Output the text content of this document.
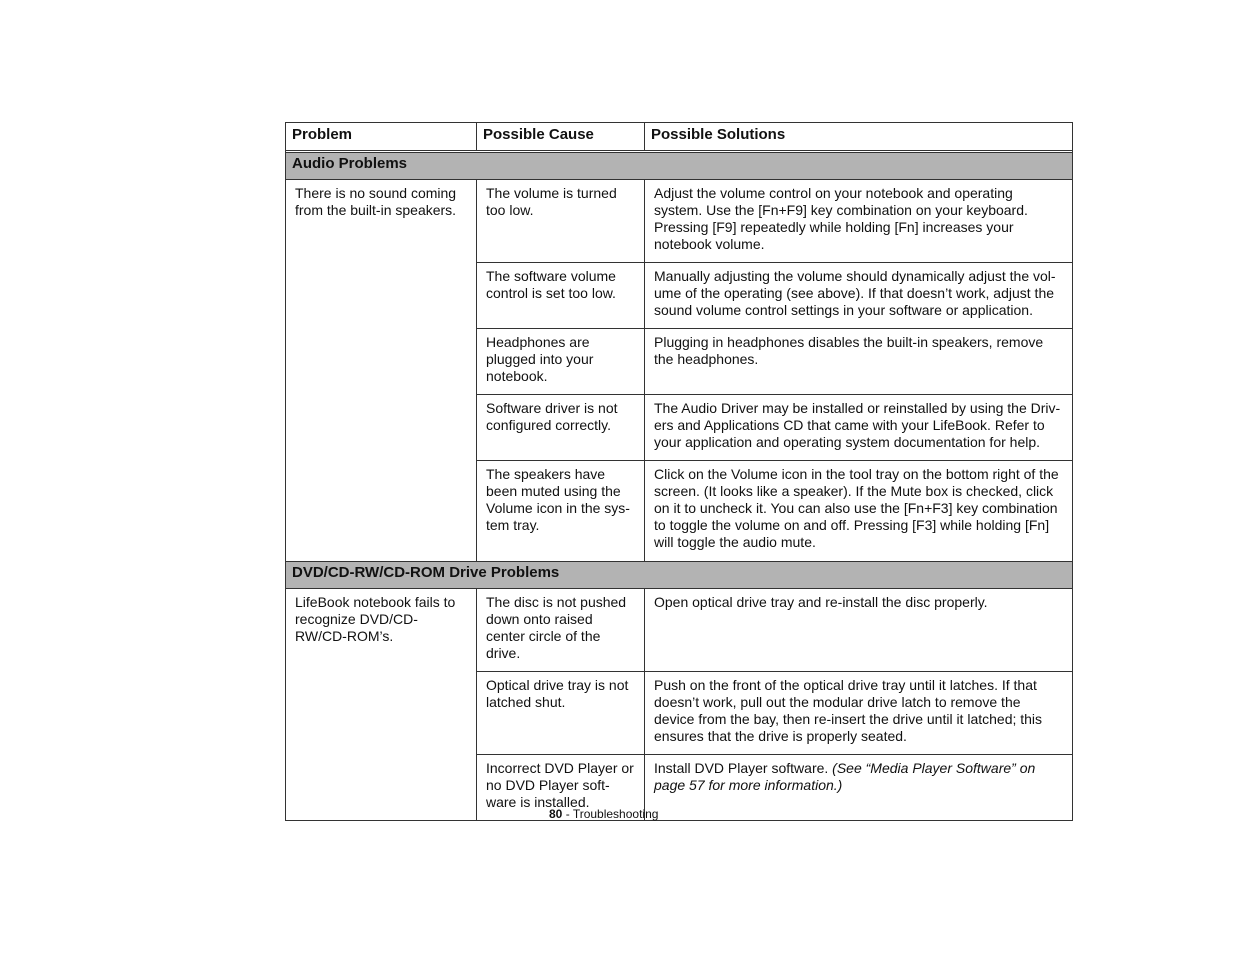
Problem	Possible Cause	Possible Solutions

Audio Problems		
There is no sound coming from the built-in speakers.	The volume is turned too low.	Adjust the volume control on your notebook and operating system. Use the [Fn+F9] key combination on your keyboard. Pressing [F9] repeatedly while holding [Fn] increases your notebook volume.
	The software volume control is set too low.	Manually adjusting the volume should dynamically adjust the vol-ume of the operating (see above). If that doesn’t work, adjust the sound volume control settings in your software or application.
	Headphones are plugged into your notebook.	Plugging in headphones disables the built-in speakers, remove the headphones.
	Software driver is not configured correctly.	The Audio Driver may be installed or reinstalled by using the Driv-ers and Applications CD that came with your LifeBook. Refer to your application and operating system documentation for help.
	The speakers have been muted using the Volume icon in the sys-tem tray.	Click on the Volume icon in the tool tray on the bottom right of the screen. (It looks like a speaker). If the Mute box is checked, click on it to uncheck it. You can also use the [Fn+F3] key combination to toggle the volume on and off. Pressing [F3] while holding [Fn] will toggle the audio mute.
DVD/CD-RW/CD-ROM Drive Problems		
LifeBook notebook fails to recognize DVD/CD-RW/CD-ROM’s.	The disc is not pushed down onto raised center circle of the drive.	Open optical drive tray and re-install the disc properly.
	Optical drive tray is not latched shut.	Push on the front of the optical drive tray until it latches. If that doesn’t work, pull out the modular drive latch to remove the device from the bay, then re-insert the drive until it latched; this ensures that the drive is properly seated.
	Incorrect DVD Player or no DVD Player soft-ware is installed.	Install DVD Player software. (See “Media Player Software” on page 57 for more information.)
80 - Troubleshooting
